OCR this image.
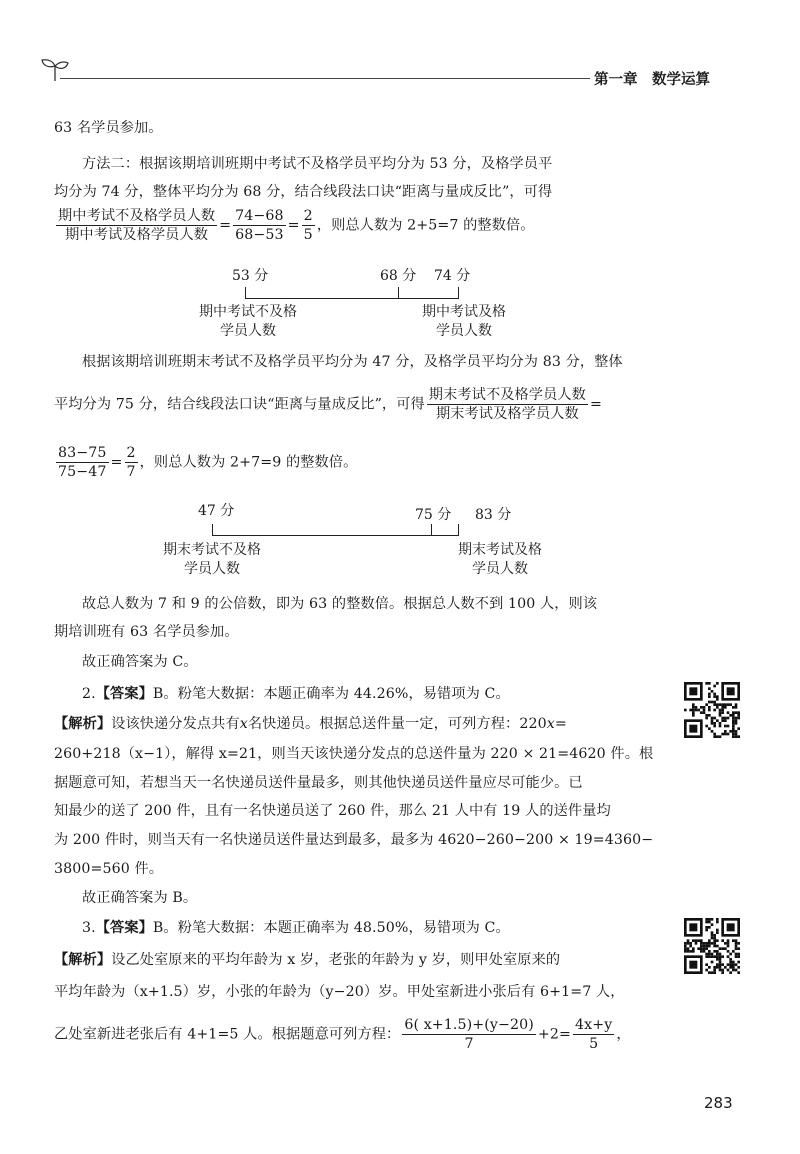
第一章　数学运算
63 名学员参加。
方法二：根据该期培训班期中考试不及格学员平均分为 53 分，及格学员平
均分为 74 分，整体平均分为 68 分，结合线段法口诀“距离与量成反比”，可得
$\frac{\text{期中考试不及格学员人数}}{\text{期中考试及格学员人数}} = \frac{74-68}{68-53} = \frac{2}{5}$ ，则总人数为 2+5=7 的整数倍。
53 分	68 分 74 分
期中考试不及格
学员人数
期中考试及格
学员人数
根据该期培训班期末考试不及格学员平均分为 47 分，及格学员平均分为 83 分，整体
平均分为 75 分，结合线段法口诀“距离与量成反比”，可得 $\frac{\text{期末考试不及格学员人数}}{\text{期末考试及格学员人数}}$ =
$\frac{83-75}{75-47} = \frac{2}{7}$ ，则总人数为 2+7=9 的整数倍。
47 分	75 分 83 分
期末考试不及格
学员人数
期末考试及格
学员人数
故总人数为 7 和 9 的公倍数，即为 63 的整数倍。根据总人数不到 100 人，则该
期培训班有 63 名学员参加。
故正确答案为 C。
2.【答案】B。粉笔大数据：本题正确率为 44.26%，易错项为 C。
【解析】设该快递分发点共有x名快递员。根据总送件量一定，可列方程：220x=
260+218（x−1），解得 x=21，则当天该快递分发点的总送件量为 220 × 21=4620 件。根
据题意可知，若想当天一名快递员送件量最多，则其他快递员送件量应尽可能少。已
知最少的送了 200 件，且有一名快递员送了 260 件，那么 21 人中有 19 人的送件量均
为 200 件时，则当天有一名快递员送件量达到最多，最多为 4620−260−200 × 19=4360−
3800=560 件。
故正确答案为 B。
3.【答案】B。粉笔大数据：本题正确率为 48.50%，易错项为 C。
【解析】设乙处室原来的平均年龄为 x 岁，老张的年龄为 y 岁，则甲处室原来的
平均年龄为（x+1.5）岁，小张的年龄为（y−20）岁。甲处室新进小张后有 6+1=7 人，
乙处室新进老张后有 4+1=5 人。根据题意可列方程： $\frac{6( x+1.5)+(y-20)}{7} +2= \frac{4x+y}{5}$ ，
283
